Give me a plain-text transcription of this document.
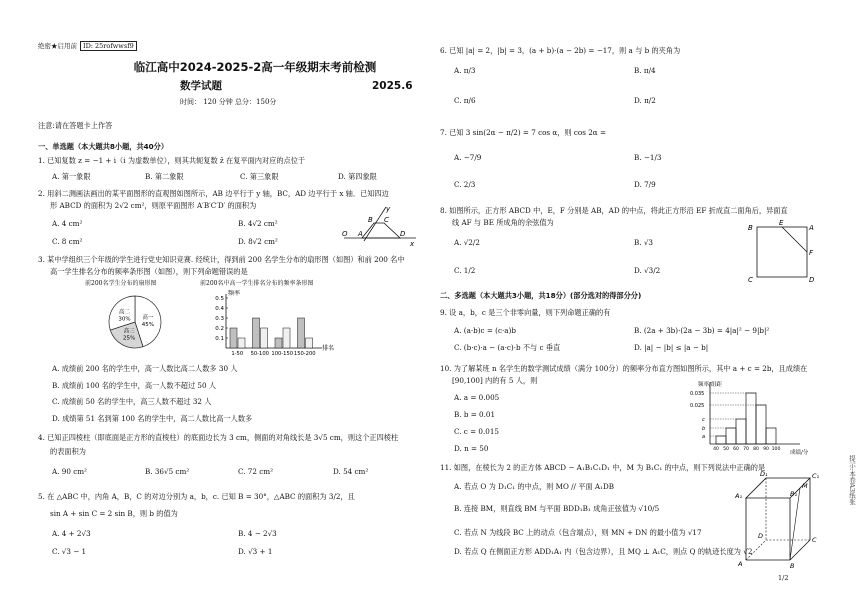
绝密★启用前 ID: 25rofwwsf9
临江高中2024-2025-2高一年级期末考前检测
数学试题	2025.6
时间： 120 分钟 总分：150分
注意:请在答题卡上作答
一、单选题（本大题共8小题，共40分）
1. 已知复数 z = −1 + i（i 为虚数单位），则其共轭复数 z̄ 在复平面内对应的点位于
A. 第一象限	B. 第二象限	C. 第三象限	D. 第四象限
2. 用斜二测画法画出的某平面图形的直观图如图所示，AB 边平行于 y 轴，BC，AD 边平行于 x 轴．已知四边
形 ABCD 的面积为 2√2 cm²，则原平面图形 A′B′C′D′ 的面积为
A. 4 cm²	B. 4√2 cm²
C. 8 cm²	D. 8√2 cm²
O A
B C
D
y
x
3. 某中学组织三个年级的学生进行党史知识竞赛. 经统计，得到前 200 名学生分布的扇形图（如图）和前 200 名中
高一学生排名分布的频率条形图（如图），则下列命题错误的是
前200名学生分布的扇形图
高一
45%
高二
30%
高三
25%
前200名中高一学生排名分布的频率条形图
频率
排名
0.1
0.2
0.3
0.4
0.5
1-50 50-100 100-150 150-200
A. 成绩前 200 名的学生中，高一人数比高二人数多 30 人
B. 成绩前 100 名的学生中，高一人数不超过 50 人
C. 成绩前 50 名的学生中，高三人数不超过 32 人
D. 成绩第 51 名到第 100 名的学生中，高二人数比高一人数多
4. 已知正四棱柱（即底面是正方形的直棱柱）的底面边长为 3 cm，侧面的对角线长是 3√5 cm，则这个正四棱柱
的表面积为
A. 90 cm²	B. 36√5 cm²	C. 72 cm²	D. 54 cm²
5. 在 △ABC 中，内角 A，B，C 的对边分别为 a，b，c. 已知 B = 30°，△ABC 的面积为 3/2，且
sin A + sin C = 2 sin B，则 b 的值为
A. 4 + 2√3	B. 4 − 2√3
C. √3 − 1	D. √3 + 1
6. 已知 |a| = 2，|b| = 3，(a + b)·(a − 2b) = −17，则 a 与 b 的夹角为
A. π/3	B. π/4
C. π/6	D. π/2
7. 已知 3 sin(2α − π/2) = 7 cos α，则 cos 2α =
A. −7/9	B. −1/3
C. 2/3	D. 7/9
8. 如图所示，正方形 ABCD 中，E，F 分别是 AB，AD 的中点，将此正方形沿 EF 折成直二面角后，异面直
线 AF 与 BE 所成角的余弦值为
A. √2/2	B. √3
C. 1/2	D. √3/2
B
E
A
F
C	D
二、多选题（本大题共3小题，共18分）(部分选对的得部分分)
9. 设 a，b，c 是三个非零向量，则下列命题正确的有
A. (a·b)c = (c·a)b	B. (2a + 3b)·(2a − 3b) = 4|a|² − 9|b|²
C. (b·c)·a − (a·c)·b 不与 c 垂直	D. |a| − |b| ≤ |a − b|
10. 为了解某班 n 名学生的数学测试成绩（满分 100分）的频率分布直方图如图所示，其中 a + c = 2b，且成绩在
[90,100] 内的有 5 人，则
A. a = 0.005
B. b = 0.01
C. c = 0.015
D. n = 50
频率/组距
成绩/分
0.035
0.025
c
b
a
40 50 60 70 80 90 100
11. 如图，在棱长为 2 的正方体 ABCD − A₁B₁C₁D₁ 中，M 为 B₁C₁ 的中点，则下列说法中正确的是
A. 若点 O 为 D₁C₁ 的中点，则 MO // 平面 A₁DB
B. 连接 BM，则直线 BM 与平面 BDD₁B₁ 成角正弦值为 √10/5
C. 若点 N 为线段 BC 上的动点（包含端点），则 MN + DN 的最小值为 √17
D. 若点 Q 在侧面正方形 ADD₁A₁ 内（包含边界），且 MQ ⊥ A₁C，则点 Q 的轨迹长度为 √2
D₁	C₁
M
A₁	B₁
D	C
A	B
提示:本卷A3纸张
1/2
